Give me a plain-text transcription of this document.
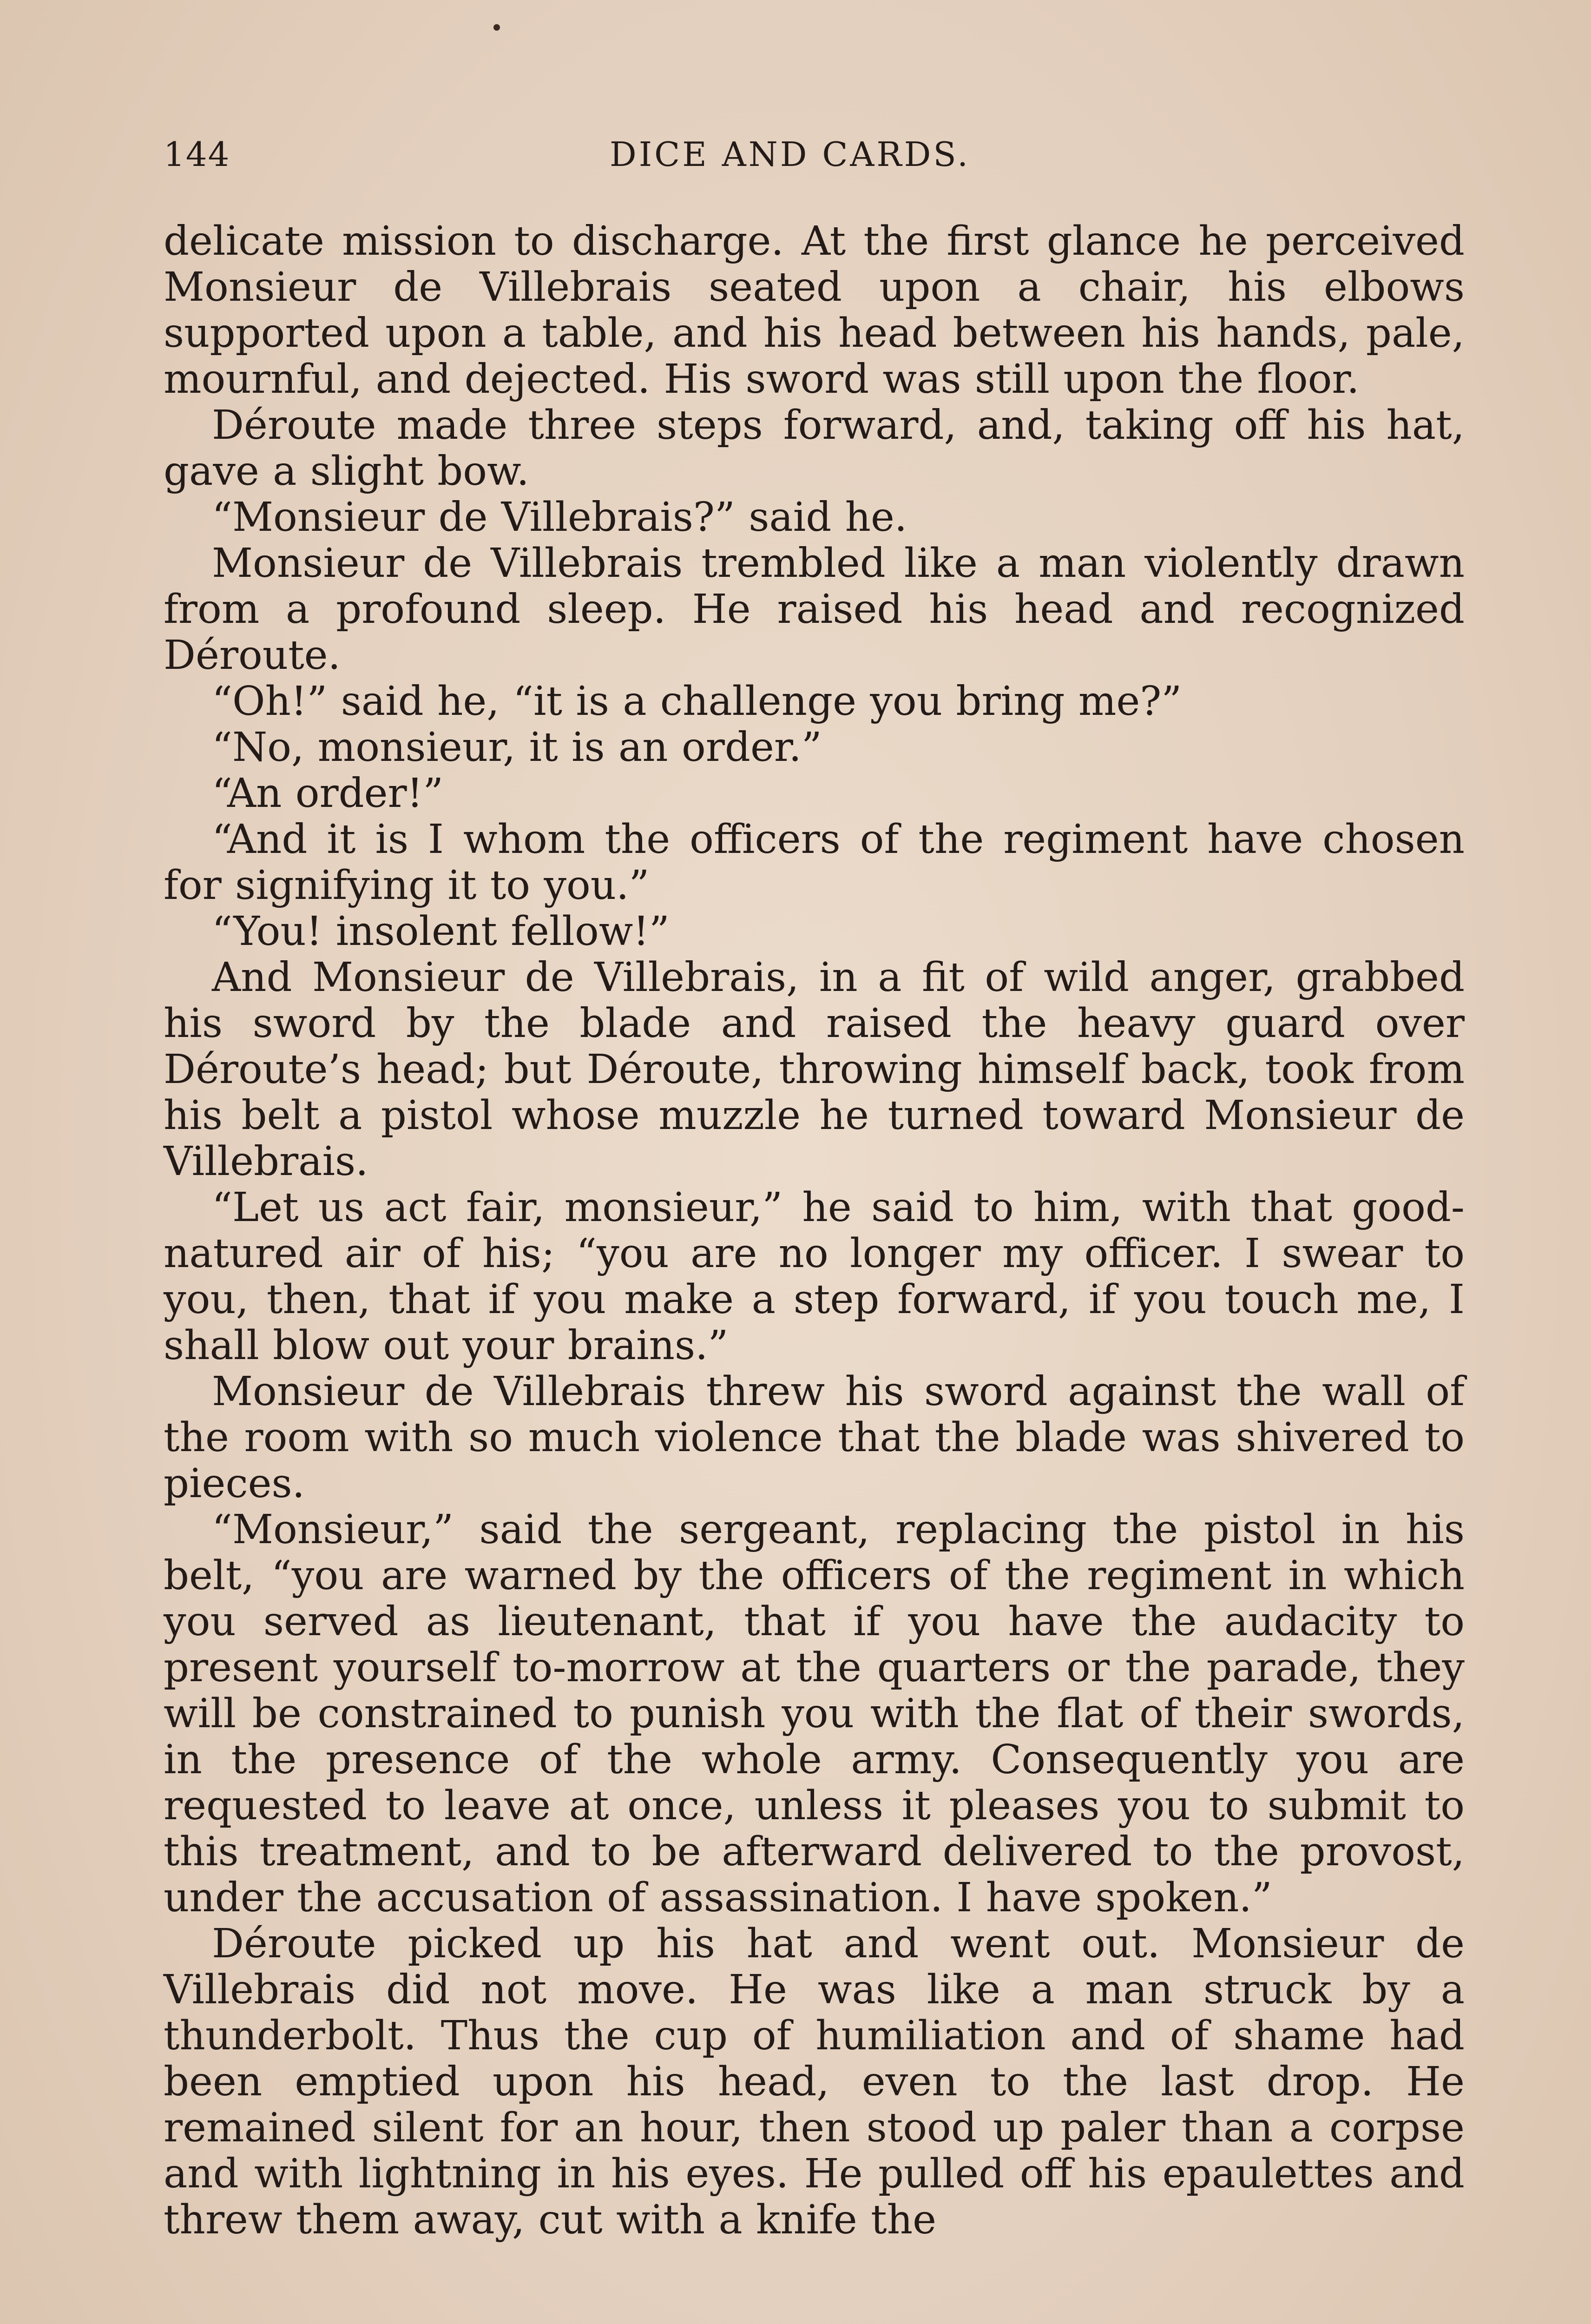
144	DICE AND CARDS.

delicate mission to discharge. At the first glance he perceived Monsieur de Villebrais seated upon a chair, his elbows supported upon a table, and his head between his hands, pale, mournful, and dejected. His sword was still upon the floor.

Déroute made three steps forward, and, taking off his hat, gave a slight bow.

“Monsieur de Villebrais?” said he.

Monsieur de Villebrais trembled like a man violently drawn from a profound sleep. He raised his head and recognized Déroute.

“Oh!” said he, “it is a challenge you bring me?”

“No, monsieur, it is an order.”

“An order!”

“And it is I whom the officers of the regiment have chosen for signifying it to you.”

“You! insolent fellow!”

And Monsieur de Villebrais, in a fit of wild anger, grabbed his sword by the blade and raised the heavy guard over Déroute’s head; but Déroute, throwing himself back, took from his belt a pistol whose muzzle he turned toward Monsieur de Villebrais.

“Let us act fair, monsieur,” he said to him, with that good-natured air of his; “you are no longer my officer. I swear to you, then, that if you make a step forward, if you touch me, I shall blow out your brains.”

Monsieur de Villebrais threw his sword against the wall of the room with so much violence that the blade was shivered to pieces.

“Monsieur,” said the sergeant, replacing the pistol in his belt, “you are warned by the officers of the regiment in which you served as lieutenant, that if you have the audacity to present yourself to-morrow at the quarters or the parade, they will be constrained to punish you with the flat of their swords, in the presence of the whole army. Consequently you are requested to leave at once, unless it pleases you to submit to this treatment, and to be afterward delivered to the provost, under the accusation of assassination. I have spoken.”

Déroute picked up his hat and went out. Monsieur de Villebrais did not move. He was like a man struck by a thunderbolt. Thus the cup of humiliation and of shame had been emptied upon his head, even to the last drop. He remained silent for an hour, then stood up paler than a corpse and with lightning in his eyes. He pulled off his epaulettes and threw them away, cut with a knife the
